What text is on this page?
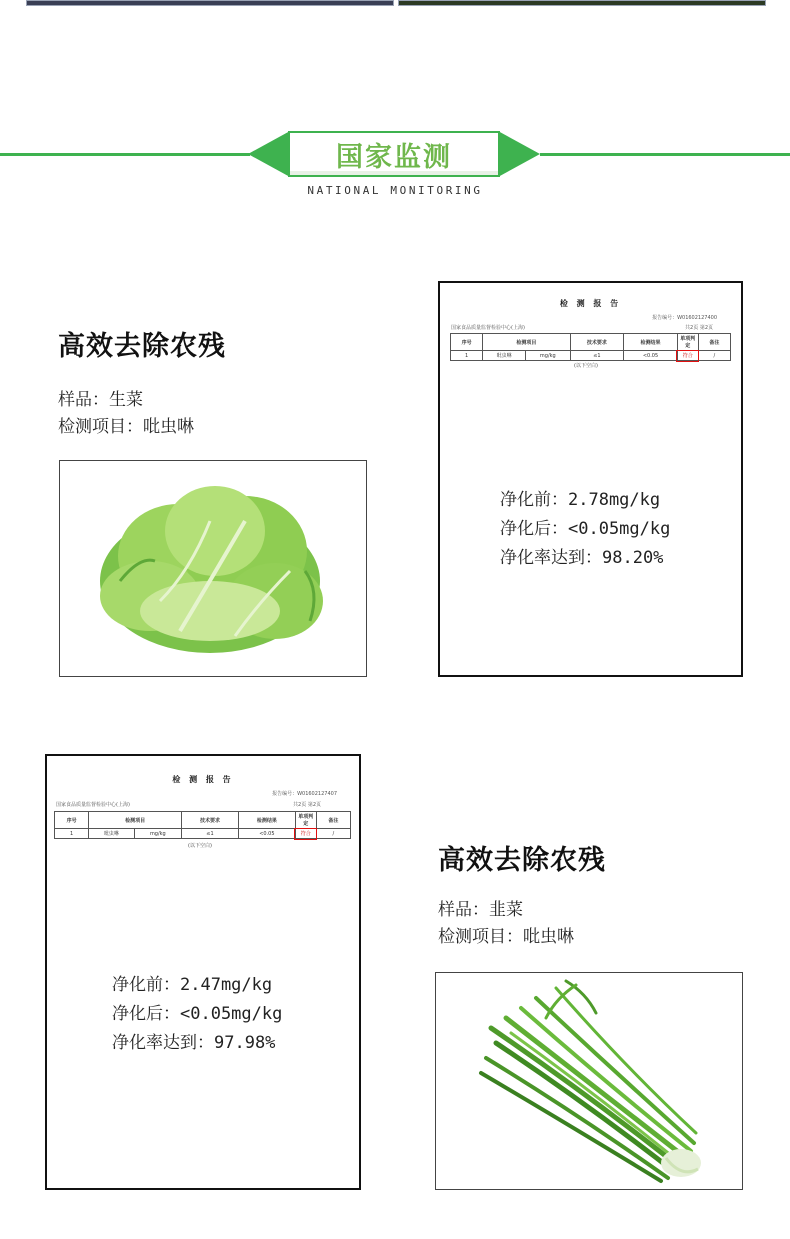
国家监测
NATIONAL MONITORING
高效去除农残
样品：生菜
检测项目：吡虫啉
检 测 报 告
报告编号：W01602127400
国家食品质量监督检验中心(上海)	共2页 第2页
序号	检测项目		技术要求	检测结果	单项判定	备注
1	吡虫啉	mg/kg	≤1	<0.05	符合	/
(以下空白)
净化前：2.78mg/kg
净化后：<0.05mg/kg
净化率达到：98.20%
检 测 报 告
报告编号：W01602127407
国家食品质量监督检验中心(上海)	共2页 第2页
序号	检测项目		技术要求	检测结果	单项判定	备注
1	吡虫啉	mg/kg	≤1	<0.05	符合	/
(以下空白)
净化前：2.47mg/kg
净化后：<0.05mg/kg
净化率达到：97.98%
高效去除农残
样品：韭菜
检测项目：吡虫啉
